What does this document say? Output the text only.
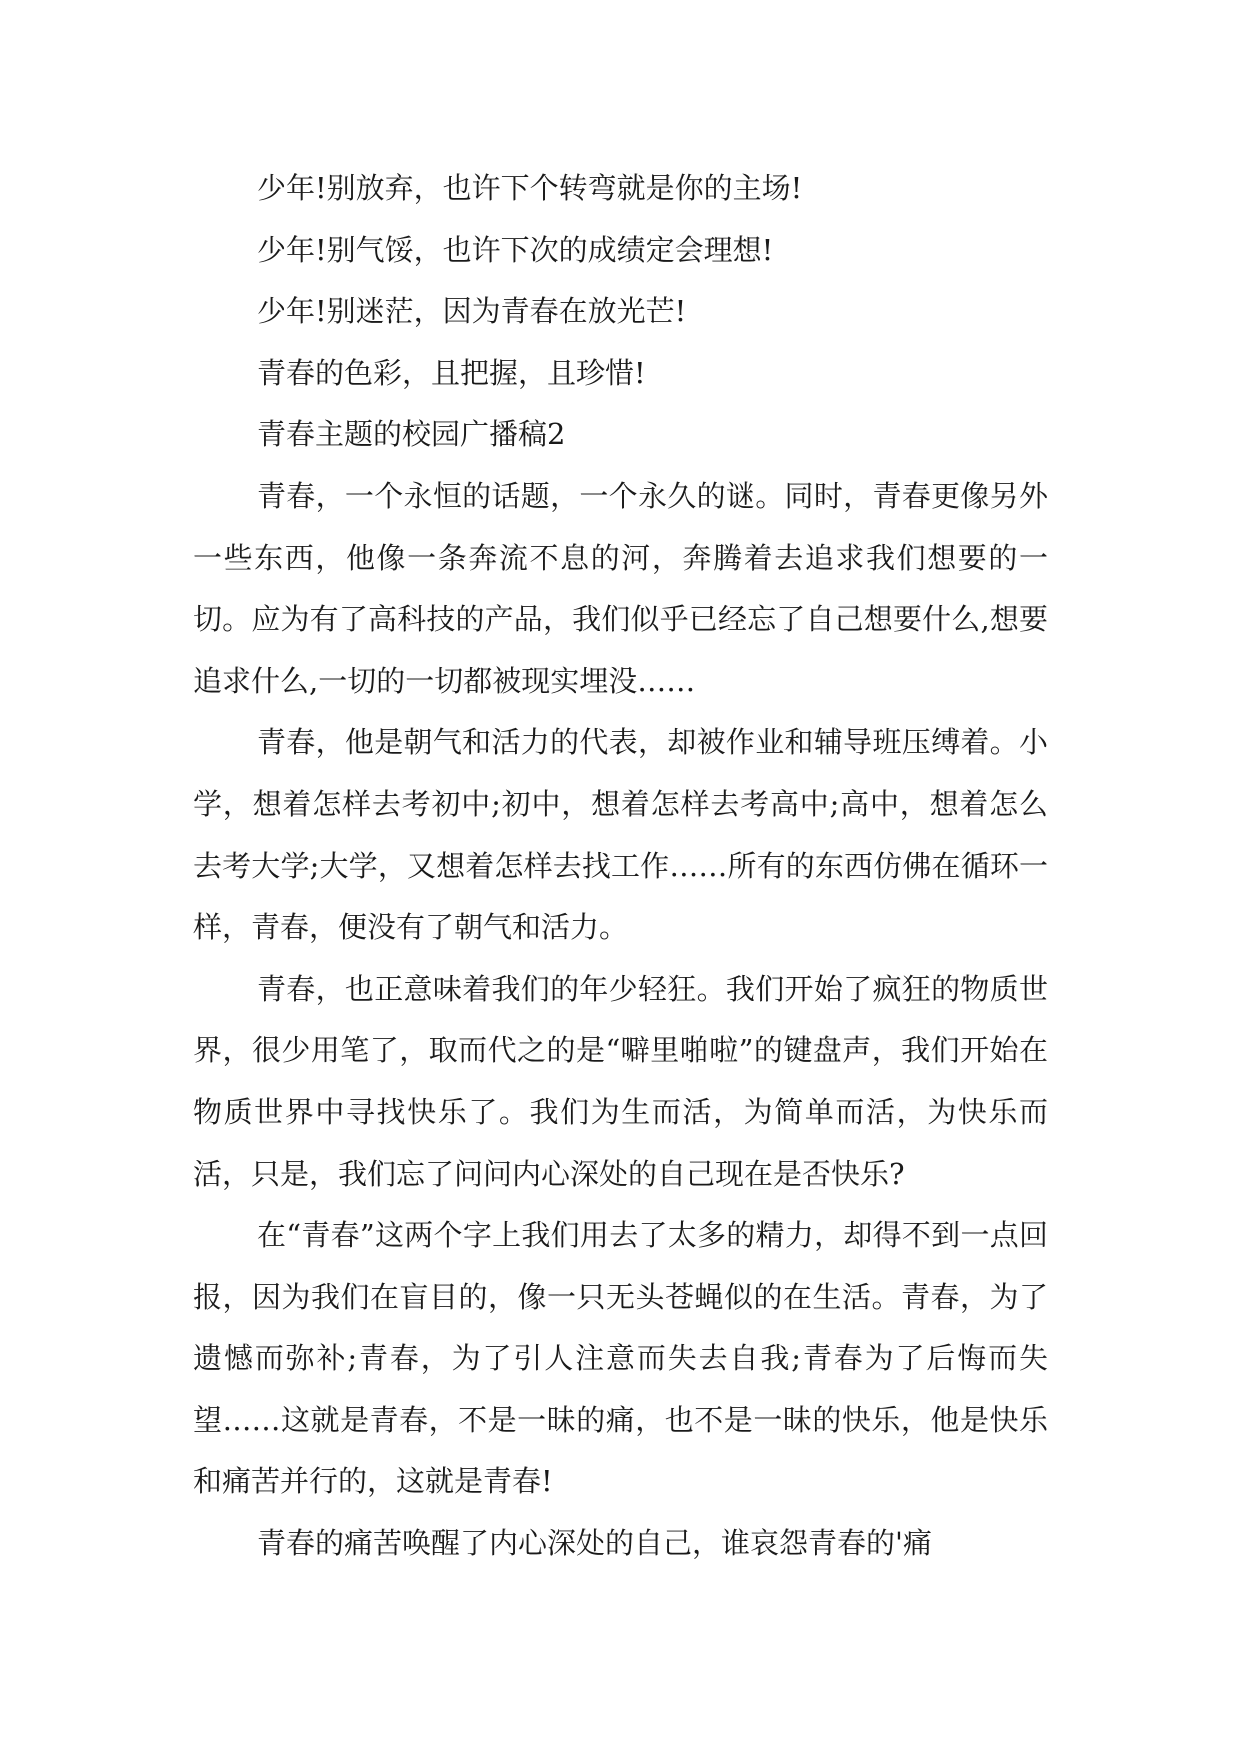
少年!别放弃，也许下个转弯就是你的主场!

少年!别气馁，也许下次的成绩定会理想!

少年!别迷茫，因为青春在放光芒!

青春的色彩，且把握，且珍惜!

青春主题的校园广播稿2

青春，一个永恒的话题，一个永久的谜。同时，青春更像另外一些东西，他像一条奔流不息的河，奔腾着去追求我们想要的一切。应为有了高科技的产品，我们似乎已经忘了自己想要什么,想要追求什么,一切的一切都被现实埋没……

青春，他是朝气和活力的代表，却被作业和辅导班压缚着。小学，想着怎样去考初中;初中，想着怎样去考高中;高中，想着怎么去考大学;大学，又想着怎样去找工作……所有的东西仿佛在循环一样，青春，便没有了朝气和活力。

青春，也正意味着我们的年少轻狂。我们开始了疯狂的物质世界，很少用笔了，取而代之的是“噼里啪啦”的键盘声，我们开始在物质世界中寻找快乐了。我们为生而活，为简单而活，为快乐而活，只是，我们忘了问问内心深处的自己现在是否快乐?

在“青春”这两个字上我们用去了太多的精力，却得不到一点回报，因为我们在盲目的，像一只无头苍蝇似的在生活。青春，为了遗憾而弥补;青春，为了引人注意而失去自我;青春为了后悔而失望……这就是青春，不是一昧的痛，也不是一昧的快乐，他是快乐和痛苦并行的，这就是青春!

青春的痛苦唤醒了内心深处的自己，谁哀怨青春的'痛
